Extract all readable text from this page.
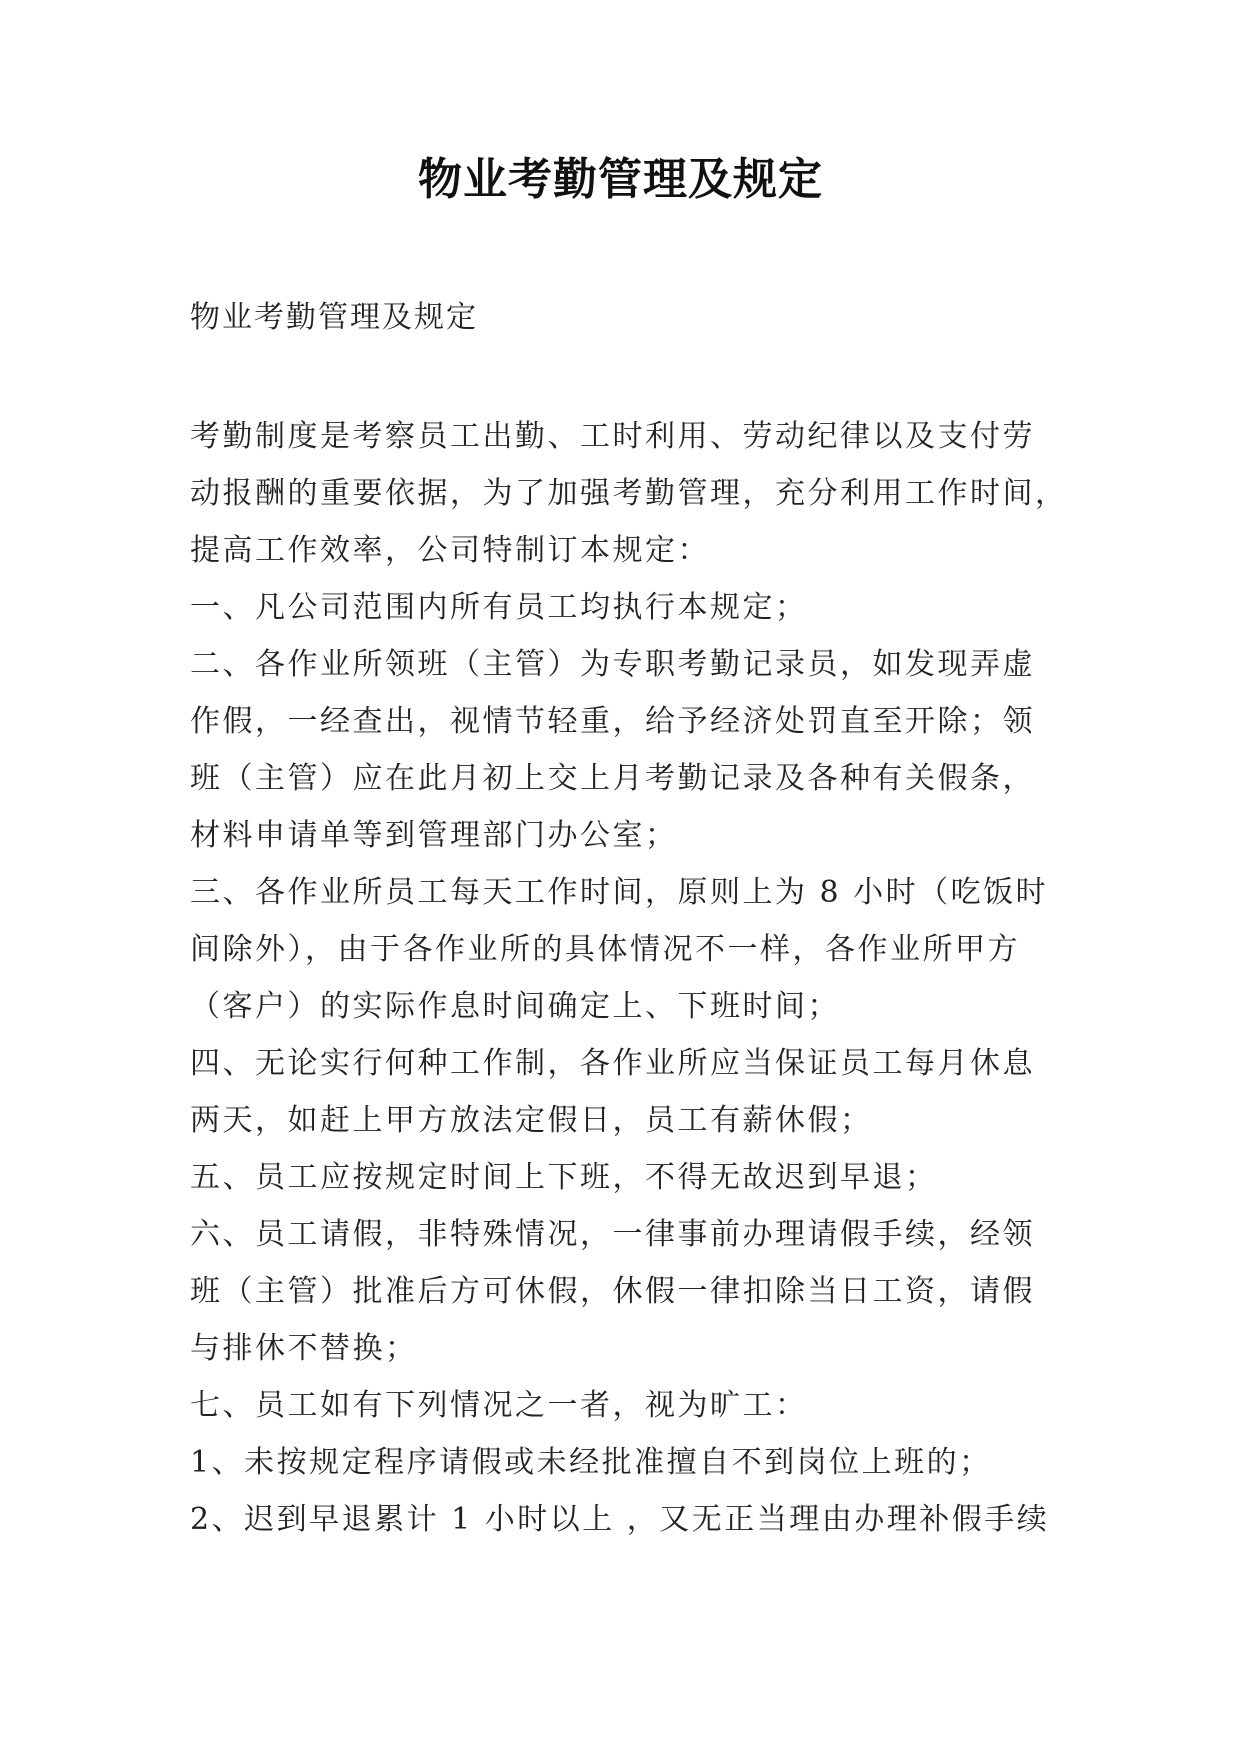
物业考勤管理及规定
物业考勤管理及规定
考勤制度是考察员工出勤、工时利用、劳动纪律以及支付劳
动报酬的重要依据，为了加强考勤管理，充分利用工作时间，
提高工作效率，公司特制订本规定：
一、凡公司范围内所有员工均执行本规定；
二、各作业所领班（主管）为专职考勤记录员，如发现弄虚
作假，一经查出，视情节轻重，给予经济处罚直至开除；领
班（主管）应在此月初上交上月考勤记录及各种有关假条，
材料申请单等到管理部门办公室；
三、各作业所员工每天工作时间，原则上为 8 小时（吃饭时
间除外），由于各作业所的具体情况不一样，各作业所甲方
（客户）的实际作息时间确定上、下班时间；
四、无论实行何种工作制，各作业所应当保证员工每月休息
两天，如赶上甲方放法定假日，员工有薪休假；
五、员工应按规定时间上下班，不得无故迟到早退；
六、员工请假，非特殊情况，一律事前办理请假手续，经领
班（主管）批准后方可休假，休假一律扣除当日工资，请假
与排休不替换；
七、员工如有下列情况之一者，视为旷工：
1、未按规定程序请假或未经批准擅自不到岗位上班的；
2、迟到早退累计 1 小时以上 ，又无正当理由办理补假手续
